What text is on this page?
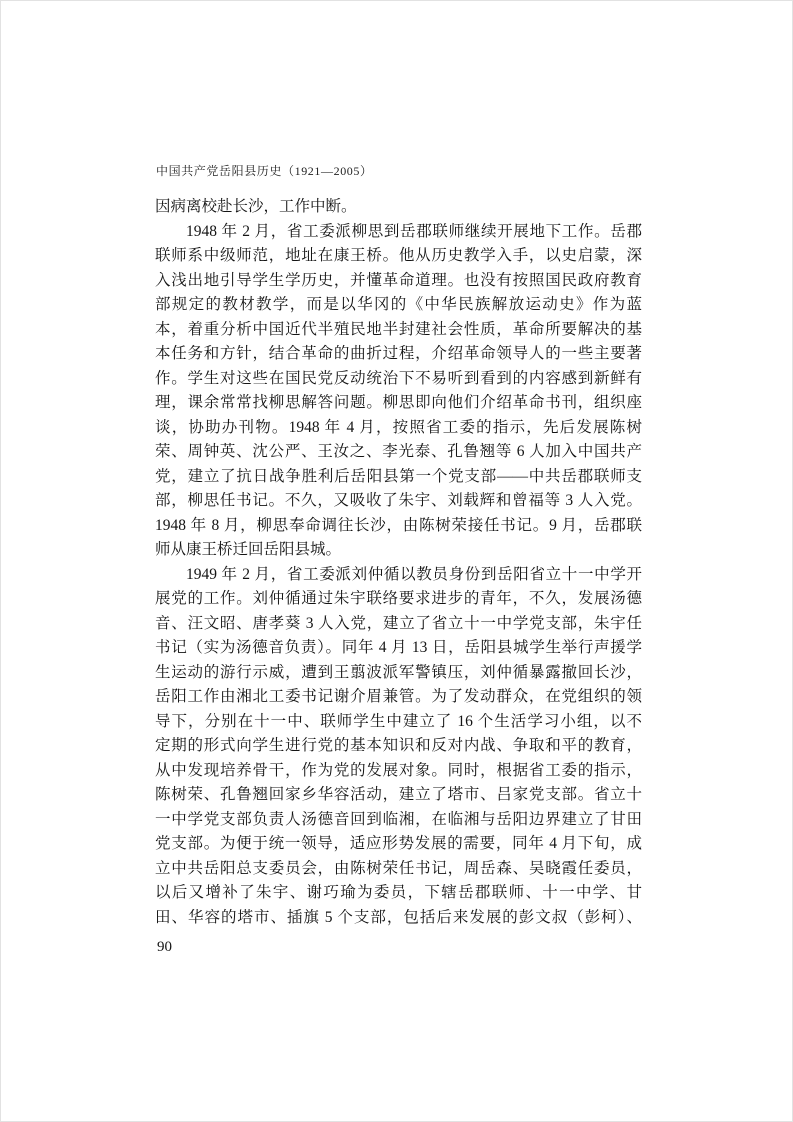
中国共产党岳阳县历史（1921—2005）
因病离校赴长沙，工作中断。
1948 年 2 月，省工委派柳思到岳郡联师继续开展地下工作。岳郡
联师系中级师范，地址在康王桥。他从历史教学入手，以史启蒙，深
入浅出地引导学生学历史，并懂革命道理。也没有按照国民政府教育
部规定的教材教学，而是以华冈的《中华民族解放运动史》作为蓝
本，着重分析中国近代半殖民地半封建社会性质，革命所要解决的基
本任务和方针，结合革命的曲折过程，介绍革命领导人的一些主要著
作。学生对这些在国民党反动统治下不易听到看到的内容感到新鲜有
理，课余常常找柳思解答问题。柳思即向他们介绍革命书刊，组织座
谈，协助办刊物。1948 年 4 月，按照省工委的指示，先后发展陈树
荣、周钟英、沈公严、王汝之、李光泰、孔鲁翘等 6 人加入中国共产
党，建立了抗日战争胜利后岳阳县第一个党支部——中共岳郡联师支
部，柳思任书记。不久，又吸收了朱宇、刘载辉和曾福等 3 人入党。
1948 年 8 月，柳思奉命调往长沙，由陈树荣接任书记。9 月，岳郡联
师从康王桥迁回岳阳县城。
1949 年 2 月，省工委派刘仲循以教员身份到岳阳省立十一中学开
展党的工作。刘仲循通过朱宇联络要求进步的青年，不久，发展汤德
音、汪文昭、唐孝葵 3 人入党，建立了省立十一中学党支部，朱宇任
书记（实为汤德音负责）。同年 4 月 13 日，岳阳县城学生举行声援学
生运动的游行示威，遭到王翦波派军警镇压，刘仲循暴露撤回长沙，
岳阳工作由湘北工委书记谢介眉兼管。为了发动群众，在党组织的领
导下，分别在十一中、联师学生中建立了 16 个生活学习小组，以不
定期的形式向学生进行党的基本知识和反对内战、争取和平的教育，
从中发现培养骨干，作为党的发展对象。同时，根据省工委的指示，
陈树荣、孔鲁翘回家乡华容活动，建立了塔市、吕家党支部。省立十
一中学党支部负责人汤德音回到临湘，在临湘与岳阳边界建立了甘田
党支部。为便于统一领导，适应形势发展的需要，同年 4 月下旬，成
立中共岳阳总支委员会，由陈树荣任书记，周岳森、吴晓霞任委员，
以后又增补了朱宇、谢巧瑜为委员，下辖岳郡联师、十一中学、甘
田、华容的塔市、插旗 5 个支部，包括后来发展的彭文叔（彭柯）、
90
